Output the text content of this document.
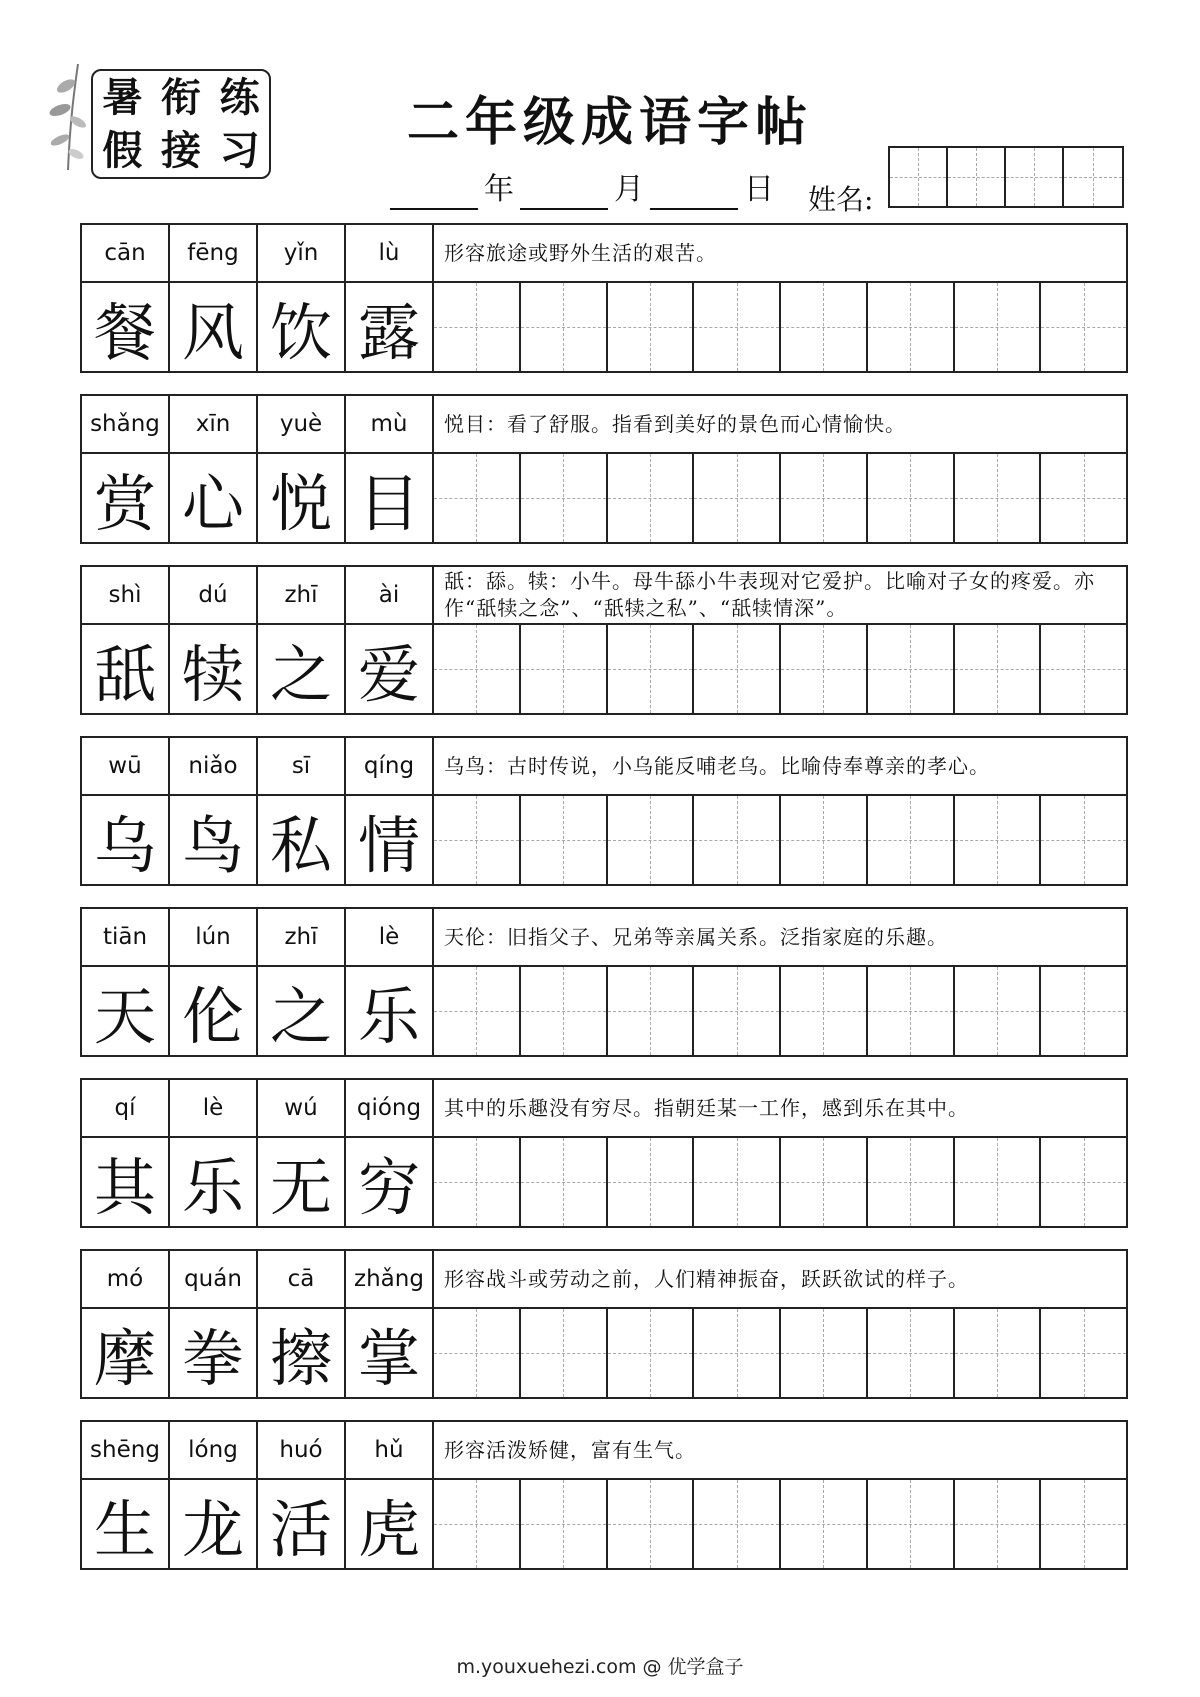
暑 衔 练
假 接 习	二年级成语字帖
年	月	日 姓名:
cān	fēng	yǐn	lù	形容旅途或野外生活的艰苦。
餐 风 饮 露
shǎng	xīn	yuè	mù	悦目：看了舒服。指看到美好的景色而心情愉快。
赏 心 悦 目
shì	dú	zhī	ài
舐：舔。犊：小牛。母牛舔小牛表现对它爱护。比喻对子女的疼爱。亦作“舐犊之念”、“舐犊之私”、“舐犊情深”。
舐 犊 之 爱
wū	niǎo	sī	qíng	乌鸟：古时传说，小乌能反哺老乌。比喻侍奉尊亲的孝心。
乌 鸟 私 情
tiān	lún	zhī	lè	天伦：旧指父子、兄弟等亲属关系。泛指家庭的乐趣。
天 伦 之 乐
qí	lè	wú	qióng	其中的乐趣没有穷尽。指朝廷某一工作，感到乐在其中。
其 乐 无 穷
mó	quán	cā	zhǎng	形容战斗或劳动之前，人们精神振奋，跃跃欲试的样子。
摩 拳 擦 掌
shēng	lóng	huó	hǔ	形容活泼矫健，富有生气。
生 龙 活 虎
m.youxuehezi.com @ 优学盒子
